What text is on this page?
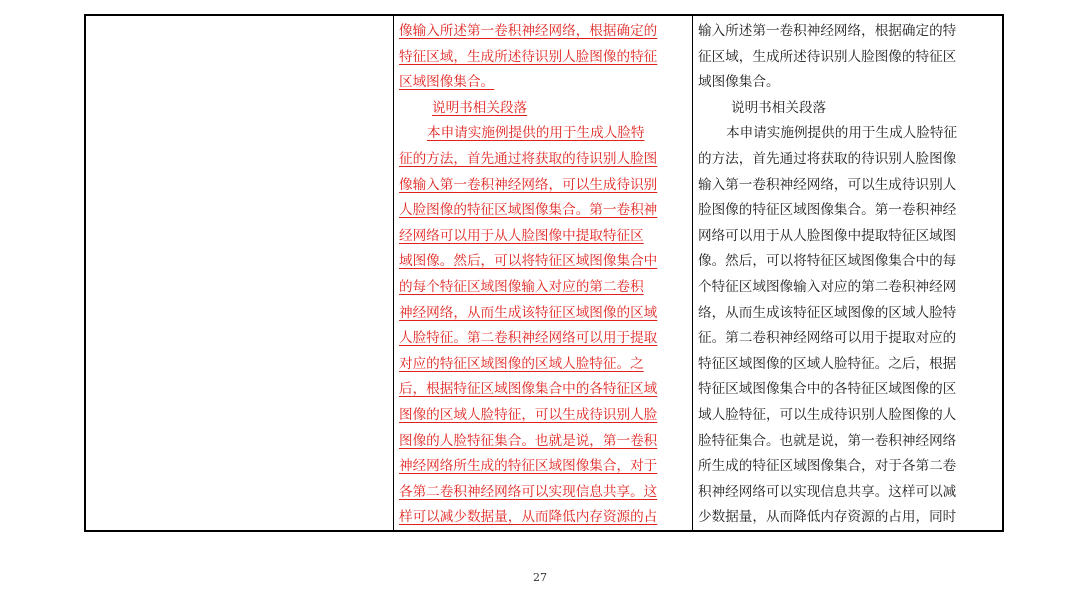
像输入所述第一卷积神经网络，根据确定的
特征区域，生成所述待识别人脸图像的特征
区域图像集合。
说明书相关段落
本申请实施例提供的用于生成人脸特
征的方法，首先通过将获取的待识别人脸图
像输入第一卷积神经网络，可以生成待识别
人脸图像的特征区域图像集合。第一卷积神
经网络可以用于从人脸图像中提取特征区
域图像。然后，可以将特征区域图像集合中
的每个特征区域图像输入对应的第二卷积
神经网络，从而生成该特征区域图像的区域
人脸特征。第二卷积神经网络可以用于提取
对应的特征区域图像的区域人脸特征。之
后，根据特征区域图像集合中的各特征区域
图像的区域人脸特征，可以生成待识别人脸
图像的人脸特征集合。也就是说，第一卷积
神经网络所生成的特征区域图像集合，对于
各第二卷积神经网络可以实现信息共享。这
样可以减少数据量，从而降低内存资源的占
输入所述第一卷积神经网络，根据确定的特
征区域，生成所述待识别人脸图像的特征区
域图像集合。
说明书相关段落
本申请实施例提供的用于生成人脸特征
的方法，首先通过将获取的待识别人脸图像
输入第一卷积神经网络，可以生成待识别人
脸图像的特征区域图像集合。第一卷积神经
网络可以用于从人脸图像中提取特征区域图
像。然后，可以将特征区域图像集合中的每
个特征区域图像输入对应的第二卷积神经网
络，从而生成该特征区域图像的区域人脸特
征。第二卷积神经网络可以用于提取对应的
特征区域图像的区域人脸特征。之后，根据
特征区域图像集合中的各特征区域图像的区
域人脸特征，可以生成待识别人脸图像的人
脸特征集合。也就是说，第一卷积神经网络
所生成的特征区域图像集合，对于各第二卷
积神经网络可以实现信息共享。这样可以减
少数据量，从而降低内存资源的占用，同时
27
